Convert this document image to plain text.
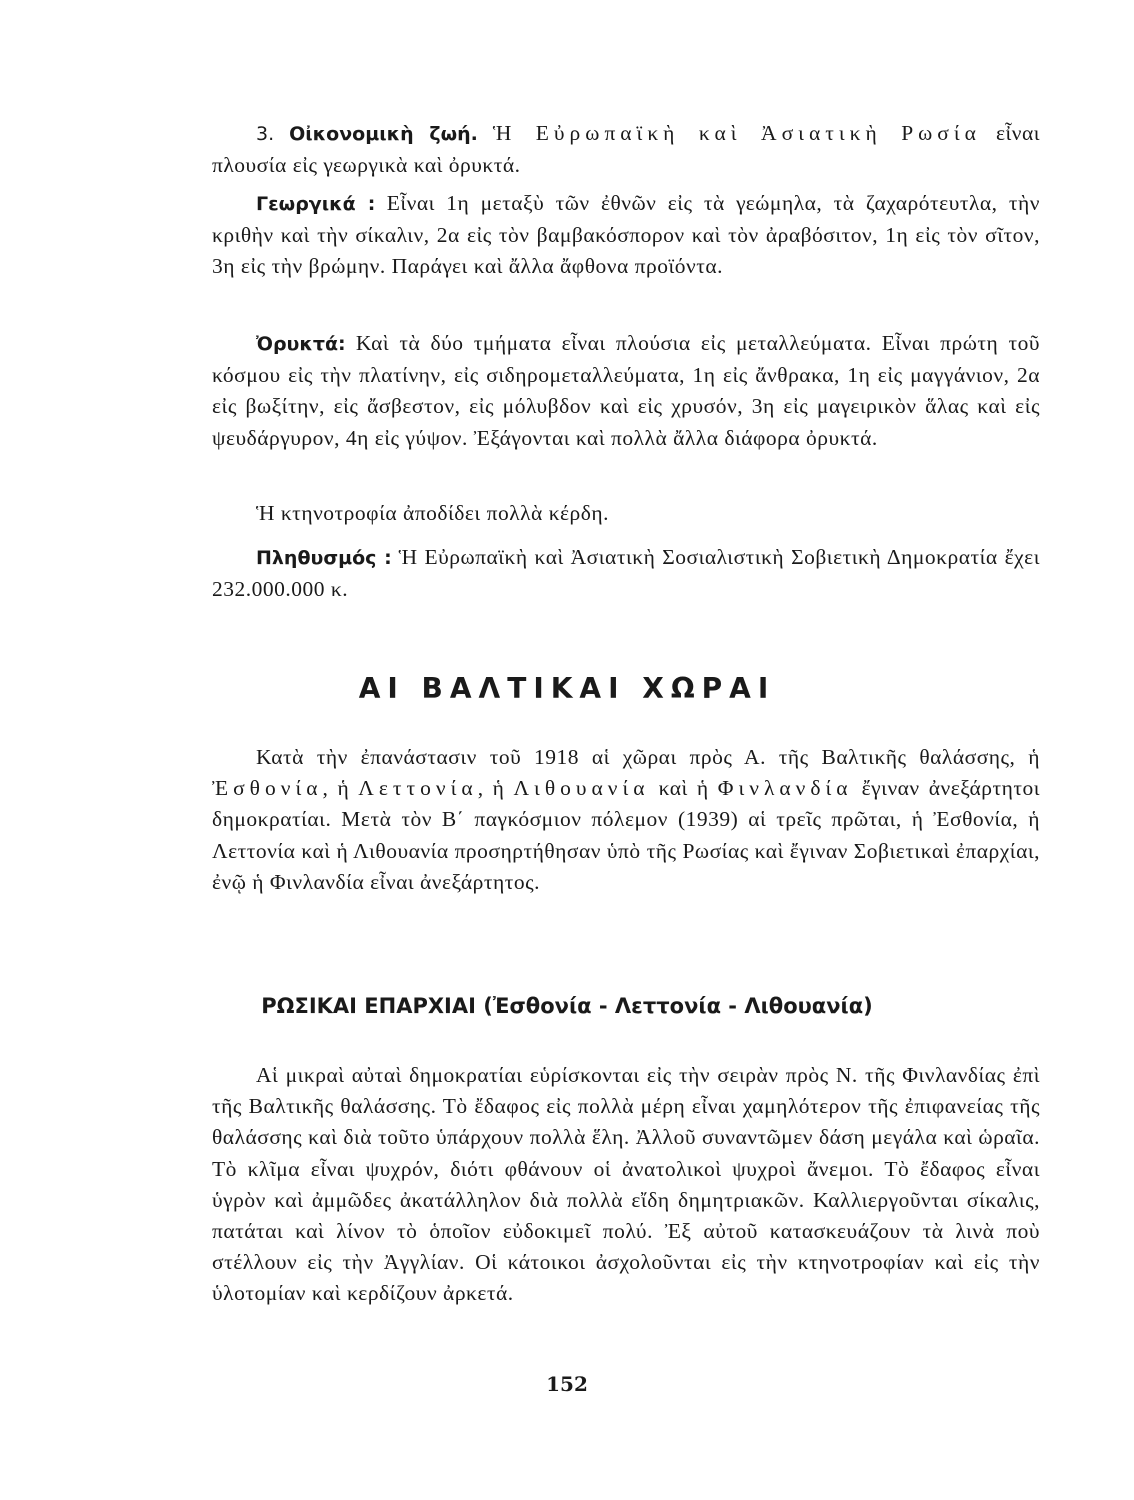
3. Οἰκονομικὴ ζωή. Ἡ Εὐρωπαϊκὴ καὶ Ἀσιατικὴ Ρωσία εἶναι πλουσία εἰς γεωργικὰ καὶ ὀρυκτά.

Γεωργικά : Εἶναι 1η μεταξὺ τῶν ἐθνῶν εἰς τὰ γεώμηλα, τὰ ζαχαρότευτλα, τὴν κριθὴν καὶ τὴν σίκαλιν, 2α εἰς τὸν βαμβακόσπορον καὶ τὸν ἀραβόσιτον, 1η εἰς τὸν σῖτον, 3η εἰς τὴν βρώμην. Παράγει καὶ ἄλλα ἄφθονα προϊόντα.

Ὀρυκτά: Καὶ τὰ δύο τμήματα εἶναι πλούσια εἰς μεταλλεύματα. Εἶναι πρώτη τοῦ κόσμου εἰς τὴν πλατίνην, εἰς σιδηρομεταλλεύματα, 1η εἰς ἄνθρακα, 1η εἰς μαγγάνιον, 2α εἰς βωξίτην, εἰς ἄσβεστον, εἰς μόλυβδον καὶ εἰς χρυσόν, 3η εἰς μαγειρικὸν ἅλας καὶ εἰς ψευδάργυρον, 4η εἰς γύψον. Ἐξάγονται καὶ πολλὰ ἄλλα διάφορα ὀρυκτά.

Ἡ κτηνοτροφία ἀποδίδει πολλὰ κέρδη.

Πληθυσμός : Ἡ Εὐρωπαϊκὴ καὶ Ἀσιατικὴ Σοσιαλιστικὴ Σοβιετικὴ Δημοκρατία ἔχει 232.000.000 κ.

ΑΙ ΒΑΛΤΙΚΑΙ ΧΩΡΑΙ

Κατὰ τὴν ἐπανάστασιν τοῦ 1918 αἱ χῶραι πρὸς Α. τῆς Βαλτικῆς θαλάσσης, ἡ Ἐσθονία, ἡ Λεττονία, ἡ Λιθουανία καὶ ἡ Φινλανδία ἔγιναν ἀνεξάρτητοι δημοκρατίαι. Μετὰ τὸν Β΄ παγκόσμιον πόλεμον (1939) αἱ τρεῖς πρῶται, ἡ Ἐσθονία, ἡ Λεττονία καὶ ἡ Λιθουανία προσηρτήθησαν ὑπὸ τῆς Ρωσίας καὶ ἔγιναν Σοβιετικαὶ ἐπαρχίαι, ἐνῷ ἡ Φινλανδία εἶναι ἀνεξάρτητος.

ΡΩΣΙΚΑΙ ΕΠΑΡΧΙΑΙ (Ἐσθονία - Λεττονία - Λιθουανία)

Αἱ μικραὶ αὐταὶ δημοκρατίαι εὑρίσκονται εἰς τὴν σειρὰν πρὸς Ν. τῆς Φινλανδίας ἐπὶ τῆς Βαλτικῆς θαλάσσης. Τὸ ἔδαφος εἰς πολλὰ μέρη εἶναι χαμηλότερον τῆς ἐπιφανείας τῆς θαλάσσης καὶ διὰ τοῦτο ὑπάρχουν πολλὰ ἕλη. Ἀλλοῦ συναντῶμεν δάση μεγάλα καὶ ὡραῖα. Τὸ κλῖμα εἶναι ψυχρόν, διότι φθάνουν οἱ ἀνατολικοὶ ψυχροὶ ἄνεμοι. Τὸ ἔδαφος εἶναι ὑγρὸν καὶ ἀμμῶδες ἀκατάλληλον διὰ πολλὰ εἴδη δημητριακῶν. Καλλιεργοῦνται σίκαλις, πατάται καὶ λίνον τὸ ὁποῖον εὐδοκιμεῖ πολύ. Ἐξ αὐτοῦ κατασκευάζουν τὰ λινὰ ποὺ στέλλουν εἰς τὴν Ἀγγλίαν. Οἱ κάτοικοι ἀσχολοῦνται εἰς τὴν κτηνοτροφίαν καὶ εἰς τὴν ὑλοτομίαν καὶ κερδίζουν ἀρκετά.

152
